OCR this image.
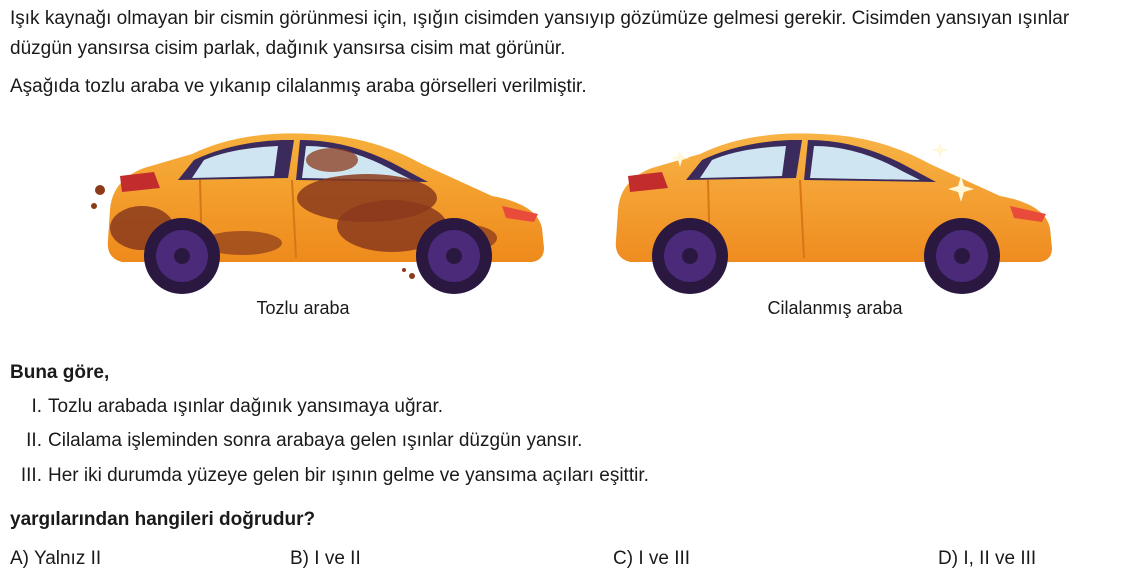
Işık kaynağı olmayan bir cismin görünmesi için, ışığın cisimden yansıyıp gözümüze gelmesi gerekir. Cisimden yansıyan ışınlar düzgün yansırsa cisim parlak, dağınık yansırsa cisim mat görünür.

Aşağıda tozlu araba ve yıkanıp cilalanmış araba görselleri verilmiştir.

Tozlu araba	Cilalanmış araba

Buna göre,

I. Tozlu arabada ışınlar dağınık yansımaya uğrar.
II. Cilalama işleminden sonra arabaya gelen ışınlar düzgün yansır.
III. Her iki durumda yüzeye gelen bir ışının gelme ve yansıma açıları eşittir.

yargılarından hangileri doğrudur?

A) Yalnız II	B) I ve II	C) I ve III	D) I, II ve III
